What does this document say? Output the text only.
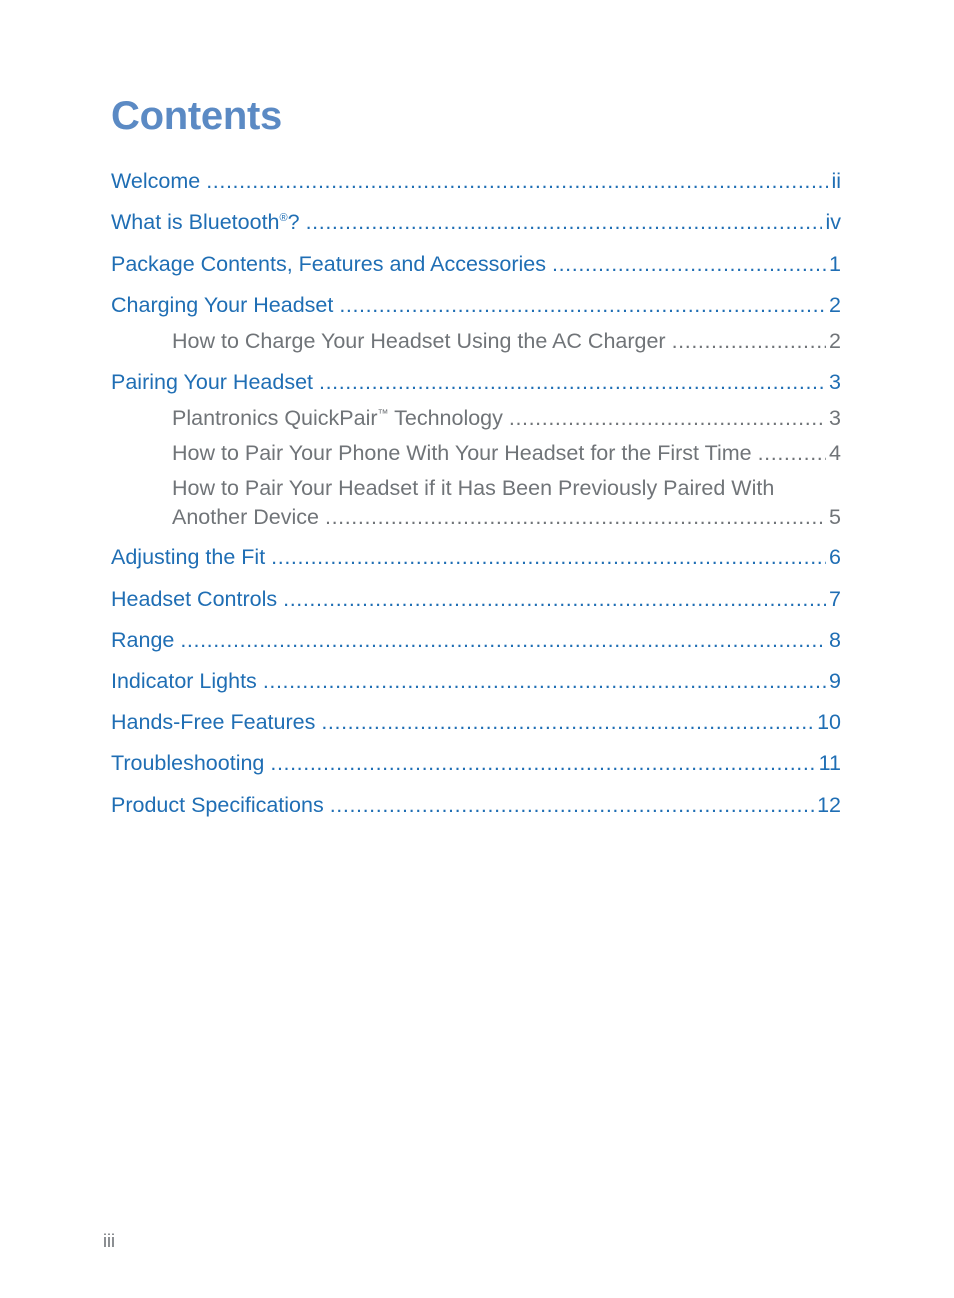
Contents
Welcome .....	ii
What is Bluetooth®? .....	iv
Package Contents, Features and Accessories .....	1
Charging Your Headset .....	2
How to Charge Your Headset Using the AC Charger .....	2
Pairing Your Headset .....	3
Plantronics QuickPair™ Technology .....	3
How to Pair Your Phone With Your Headset for the First Time .....	4
How to Pair Your Headset if it Has Been Previously Paired With
Another Device .....	5
Adjusting the Fit .....	6
Headset Controls .....	7
Range .....	8
Indicator Lights .....	9
Hands-Free Features .....	10
Troubleshooting .....	11
Product Specifications .....	12
iii
